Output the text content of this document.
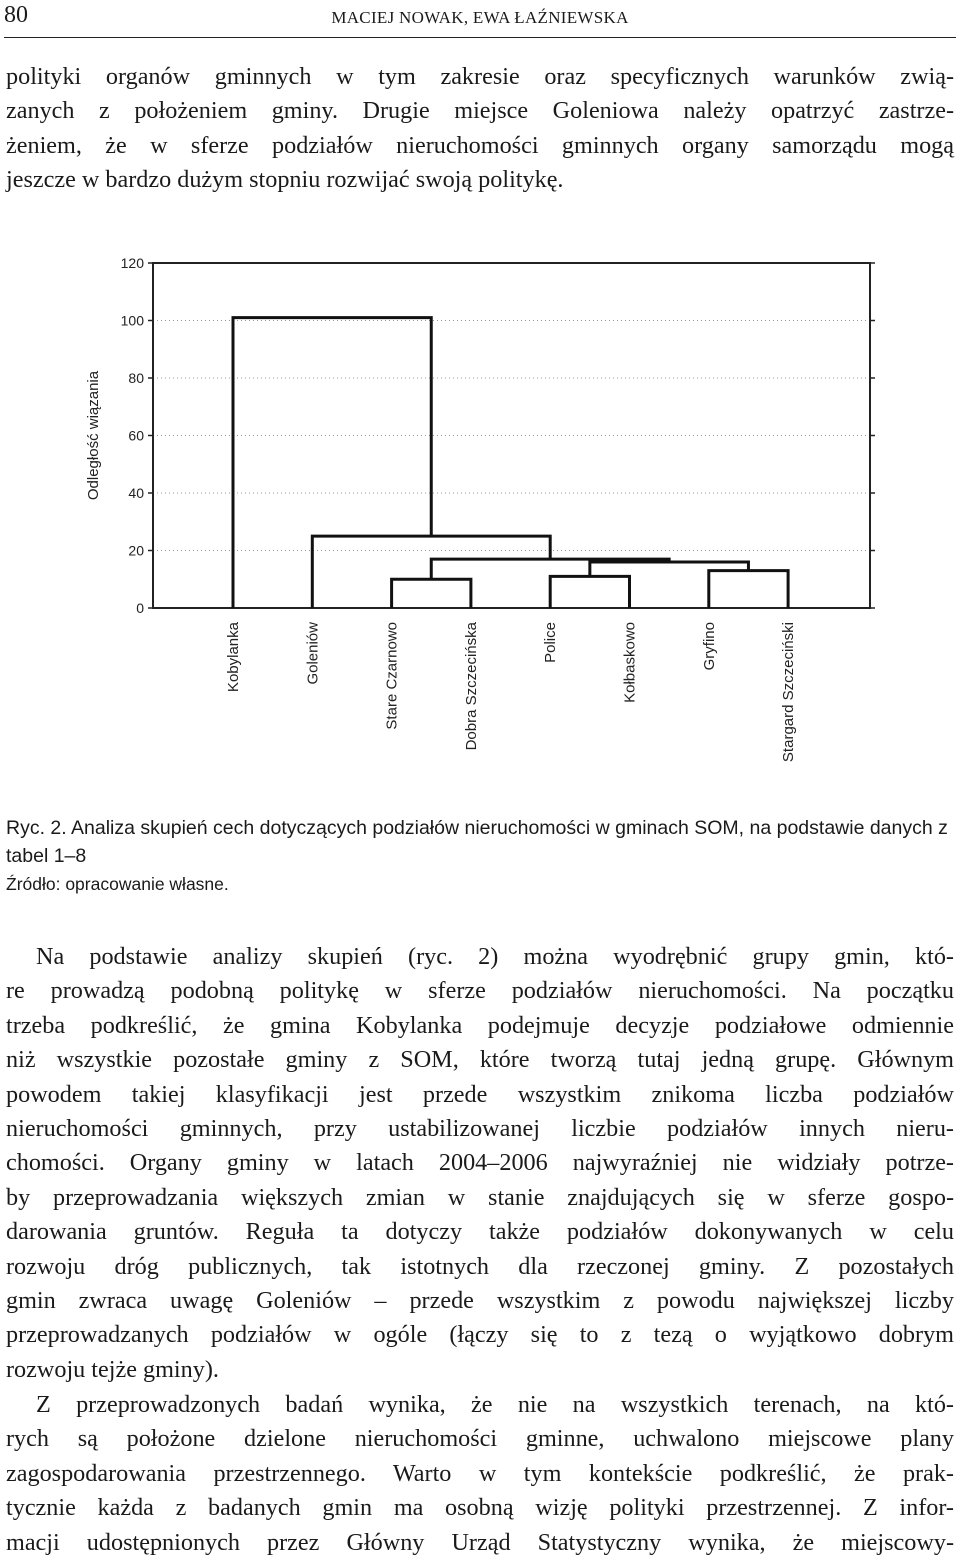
80	MACIEJ NOWAK, EWA ŁAŹNIEWSKA
polityki organów gminnych w tym zakresie oraz specyficznych warunków zwią-
zanych z położeniem gminy. Drugie miejsce Goleniowa należy opatrzyć zastrze-
żeniem, że w sferze podziałów nieruchomości gminnych organy samorządu mogą
jeszcze w bardzo dużym stopniu rozwijać swoją politykę.
0
20
40
60
80
100
120
Odległość wiązania
Kobylanka	Goleniów	Stare Czarnowo	Dobra Szczecińska	Police	Kołbaskowo	Gryfino	Stargard Szczeciński
Ryc. 2. Analiza skupień cech dotyczących podziałów nieruchomości w gminach SOM, na podstawie danych z tabel 1–8
Źródło: opracowanie własne.
Na podstawie analizy skupień (ryc. 2) można wyodrębnić grupy gmin, któ-
re prowadzą podobną politykę w sferze podziałów nieruchomości. Na początku
trzeba podkreślić, że gmina Kobylanka podejmuje decyzje podziałowe odmiennie
niż wszystkie pozostałe gminy z SOM, które tworzą tutaj jedną grupę. Głównym
powodem takiej klasyfikacji jest przede wszystkim znikoma liczba podziałów
nieruchomości gminnych, przy ustabilizowanej liczbie podziałów innych nieru-
chomości. Organy gminy w latach 2004–2006 najwyraźniej nie widziały potrze-
by przeprowadzania większych zmian w stanie znajdujących się w sferze gospo-
darowania gruntów. Reguła ta dotyczy także podziałów dokonywanych w celu
rozwoju dróg publicznych, tak istotnych dla rzeczonej gminy. Z pozostałych
gmin zwraca uwagę Goleniów – przede wszystkim z powodu największej liczby
przeprowadzanych podziałów w ogóle (łączy się to z tezą o wyjątkowo dobrym
rozwoju tejże gminy).
Z przeprowadzonych badań wynika, że nie na wszystkich terenach, na któ-
rych są położone dzielone nieruchomości gminne, uchwalono miejscowe plany
zagospodarowania przestrzennego. Warto w tym kontekście podkreślić, że prak-
tycznie każda z badanych gmin ma osobną wizję polityki przestrzennej. Z infor-
macji udostępnionych przez Główny Urząd Statystyczny wynika, że miejscowy-
